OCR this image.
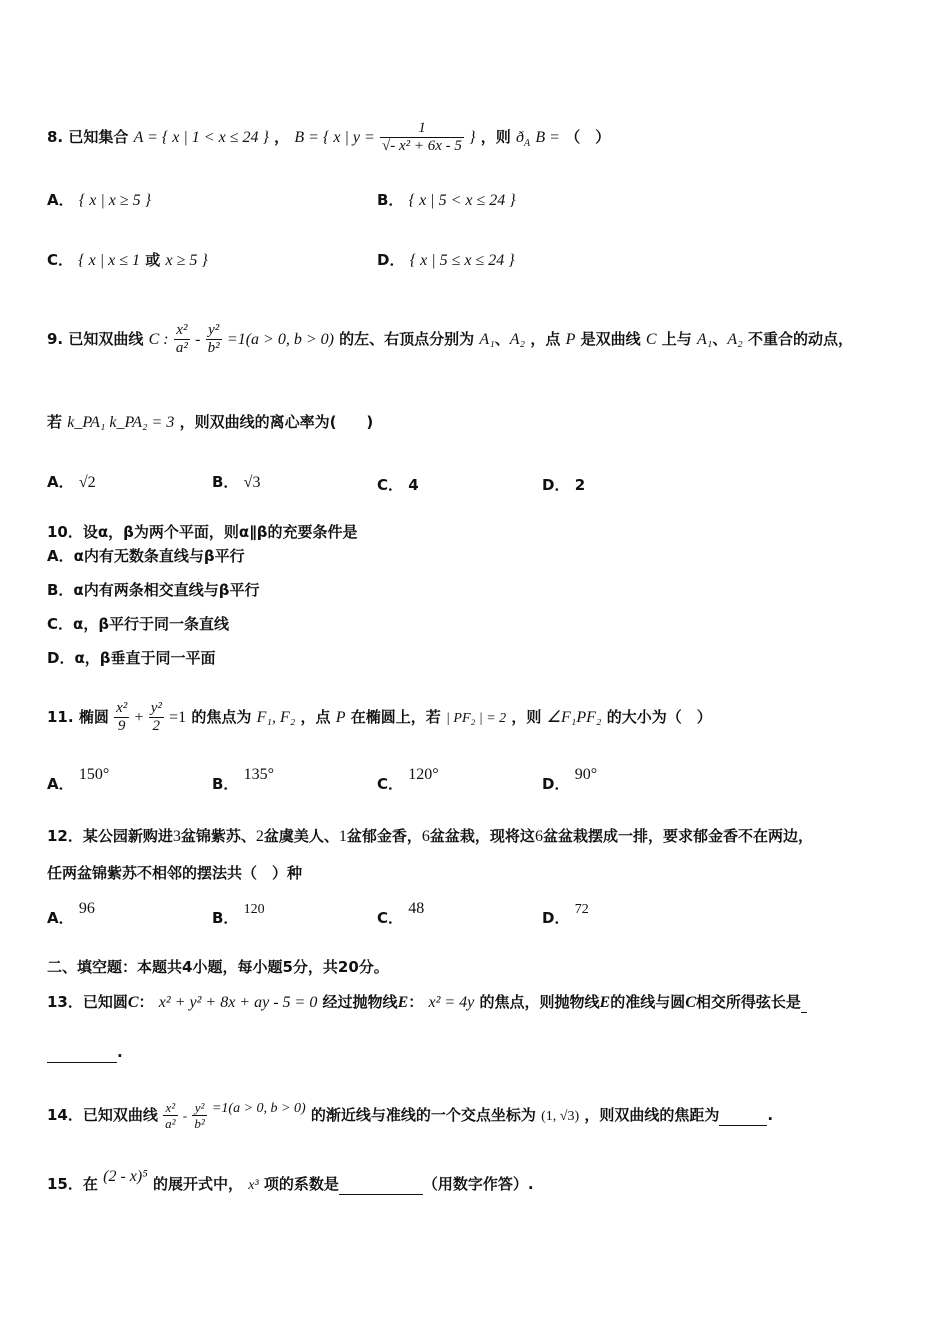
8. 已知集合 A = { x | 1 < x ≤ 24 } ， B = { x | $y = \frac{1}{\text{√- x² + 6x - 5}}$ } ，则 $ð_A$ B = （　）
A． { x | x ≥ 5 }	B． { x | 5 < x ≤ 24 }
C． { x | x ≤ 1 或 x ≥ 5 }	D． { x | 5 ≤ x ≤ 24 }
9. 已知双曲线 C : $\frac{\text{x²}}{\text{a²}} - \frac{\text{y²}}{\text{b²}} =1(a > 0$, b > 0) 的左、右顶点分别为 A₁、A₂ ，点 P 是双曲线 C 上与 A₁、A₂ 不重合的动点，
若 k_PA₁ k_PA₂ = 3 ，则双曲线的离心率为(　　)
A． √2	B． √3	C． 4	D． 2
10．设α，β为两个平面，则α∥β的充要条件是
A．α内有无数条直线与β平行
B．α内有两条相交直线与β平行
C．α，β平行于同一条直线
D．α，β垂直于同一平面
11. 椭圆 $\frac{\text{x²}}{9} + \frac{\text{y²}}{2} =1$ 的焦点为 F₁, F₂ ，点 P 在椭圆上，若 | PF₂ | = 2 ，则 ∠F₁PF₂ 的大小为（　）
A． 150°
B． 135°
C． 120°
D． 90°
12．某公园新购进3盆锦紫苏、2盆虞美人、1盆郁金香，6盆盆栽，现将这6盆盆栽摆成一排，要求郁金香不在两边，
任两盆锦紫苏不相邻的摆法共（　）种
A． 96
B． 120	C． 48
D． 72
二、填空题：本题共4小题，每小题5分，共20分。
13．已知圆C： x² + y² + 8x + ay - 5 = 0 经过抛物线E： x² = 4y 的焦点，则抛物线E的准线与圆C相交所得弦长是
.
14．已知双曲线 $\frac{\text{x²}}{\text{a²}} - \frac{\text{y²}}{\text{b²}} =1(a > 0$, b > 0) 的渐近线与准线的一个交点坐标为 (1, √3) ，则双曲线的焦距为	.
15．在 (2 - x)⁵ 的展开式中， x³ 项的系数是	（用数字作答）.
